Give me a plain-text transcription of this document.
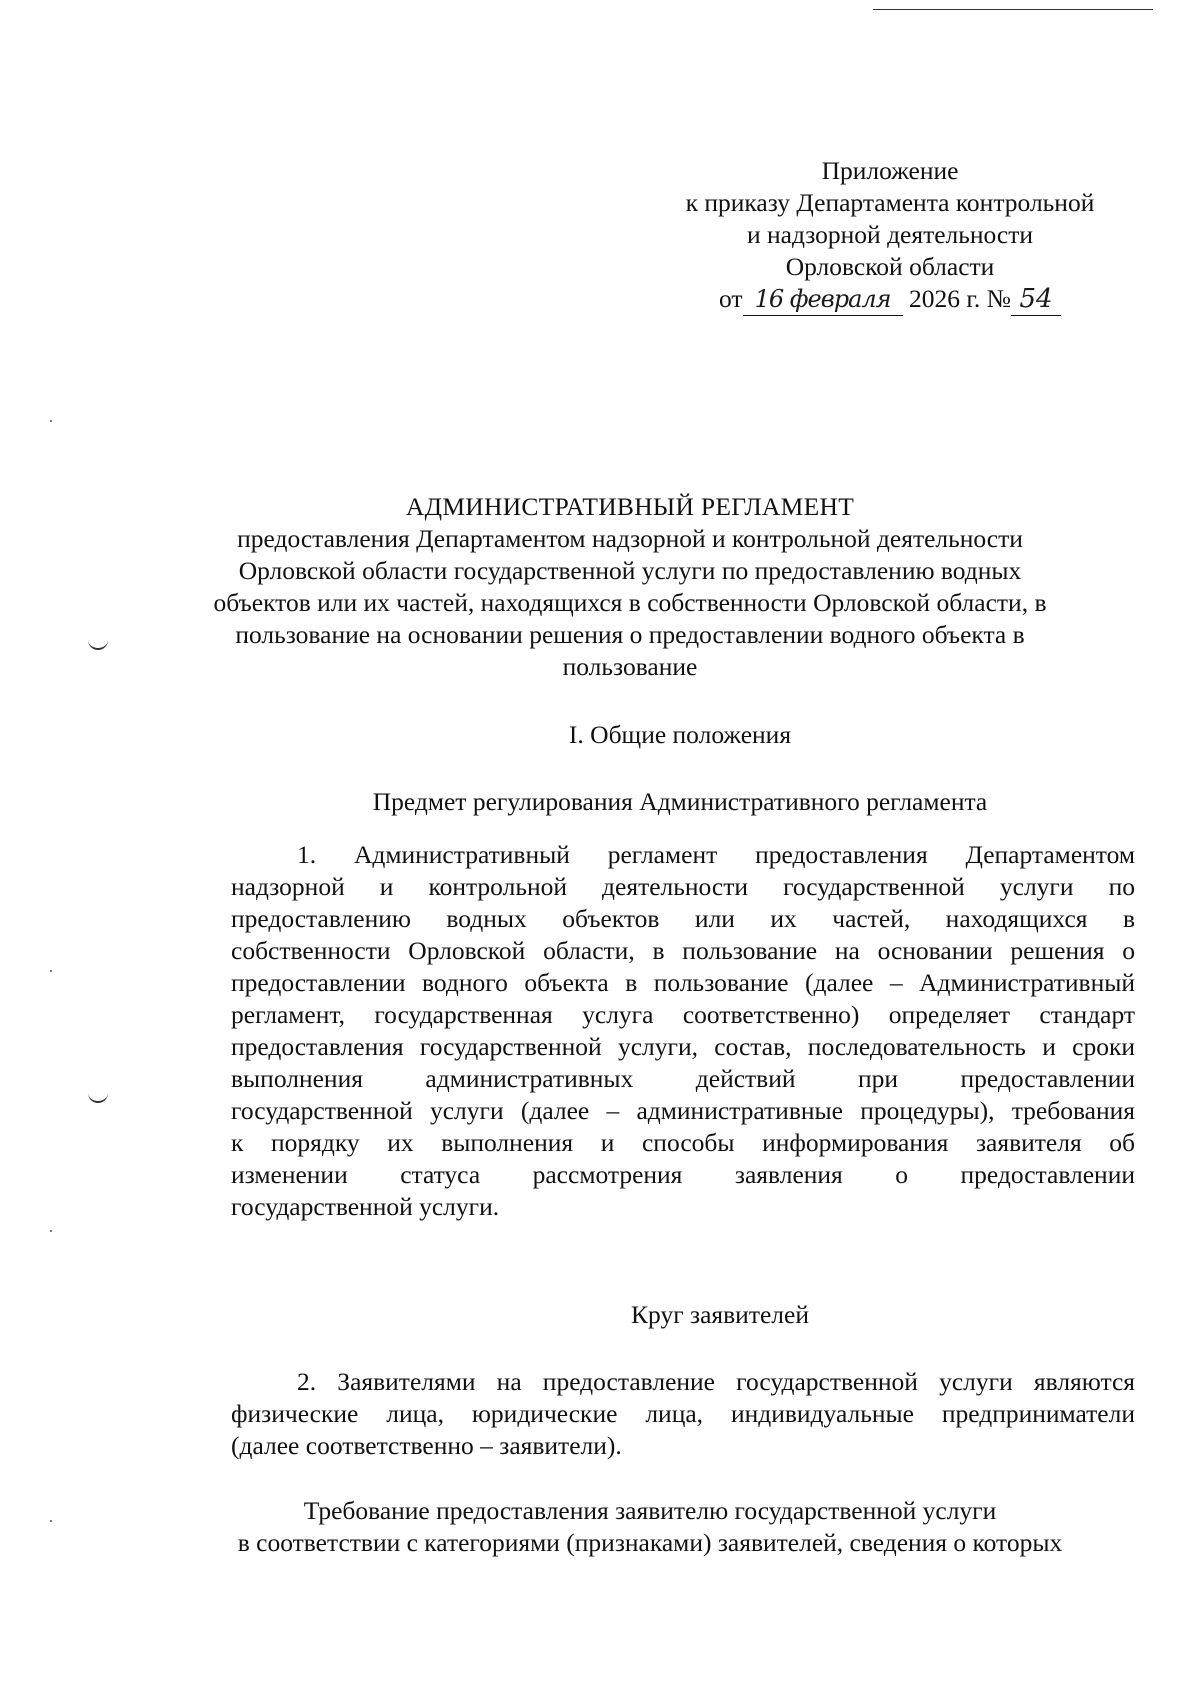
Приложение
к приказу Департамента контрольной
и надзорной деятельности
Орловской области
от 16 февраля 2026 г. № 54
АДМИНИСТРАТИВНЫЙ РЕГЛАМЕНТ
предоставления Департаментом надзорной и контрольной деятельности
Орловской области государственной услуги по предоставлению водных
объектов или их частей, находящихся в собственности Орловской области, в
пользование на основании решения о предоставлении водного объекта в
пользование
I. Общие положения
Предмет регулирования Административного регламента
1. Административный регламент предоставления Департаментом
надзорной и контрольной деятельности государственной услуги по
предоставлению водных объектов или их частей, находящихся в
собственности Орловской области, в пользование на основании решения о
предоставлении водного объекта в пользование (далее – Административный
регламент, государственная услуга соответственно) определяет стандарт
предоставления государственной услуги, состав, последовательность и сроки
выполнения административных действий при предоставлении
государственной услуги (далее – административные процедуры), требования
к порядку их выполнения и способы информирования заявителя об
изменении статуса рассмотрения заявления о предоставлении
государственной услуги.
Круг заявителей
2. Заявителями на предоставление государственной услуги являются
физические лица, юридические лица, индивидуальные предприниматели
(далее соответственно – заявители).
Требование предоставления заявителю государственной услуги
в соответствии с категориями (признаками) заявителей, сведения о которых
